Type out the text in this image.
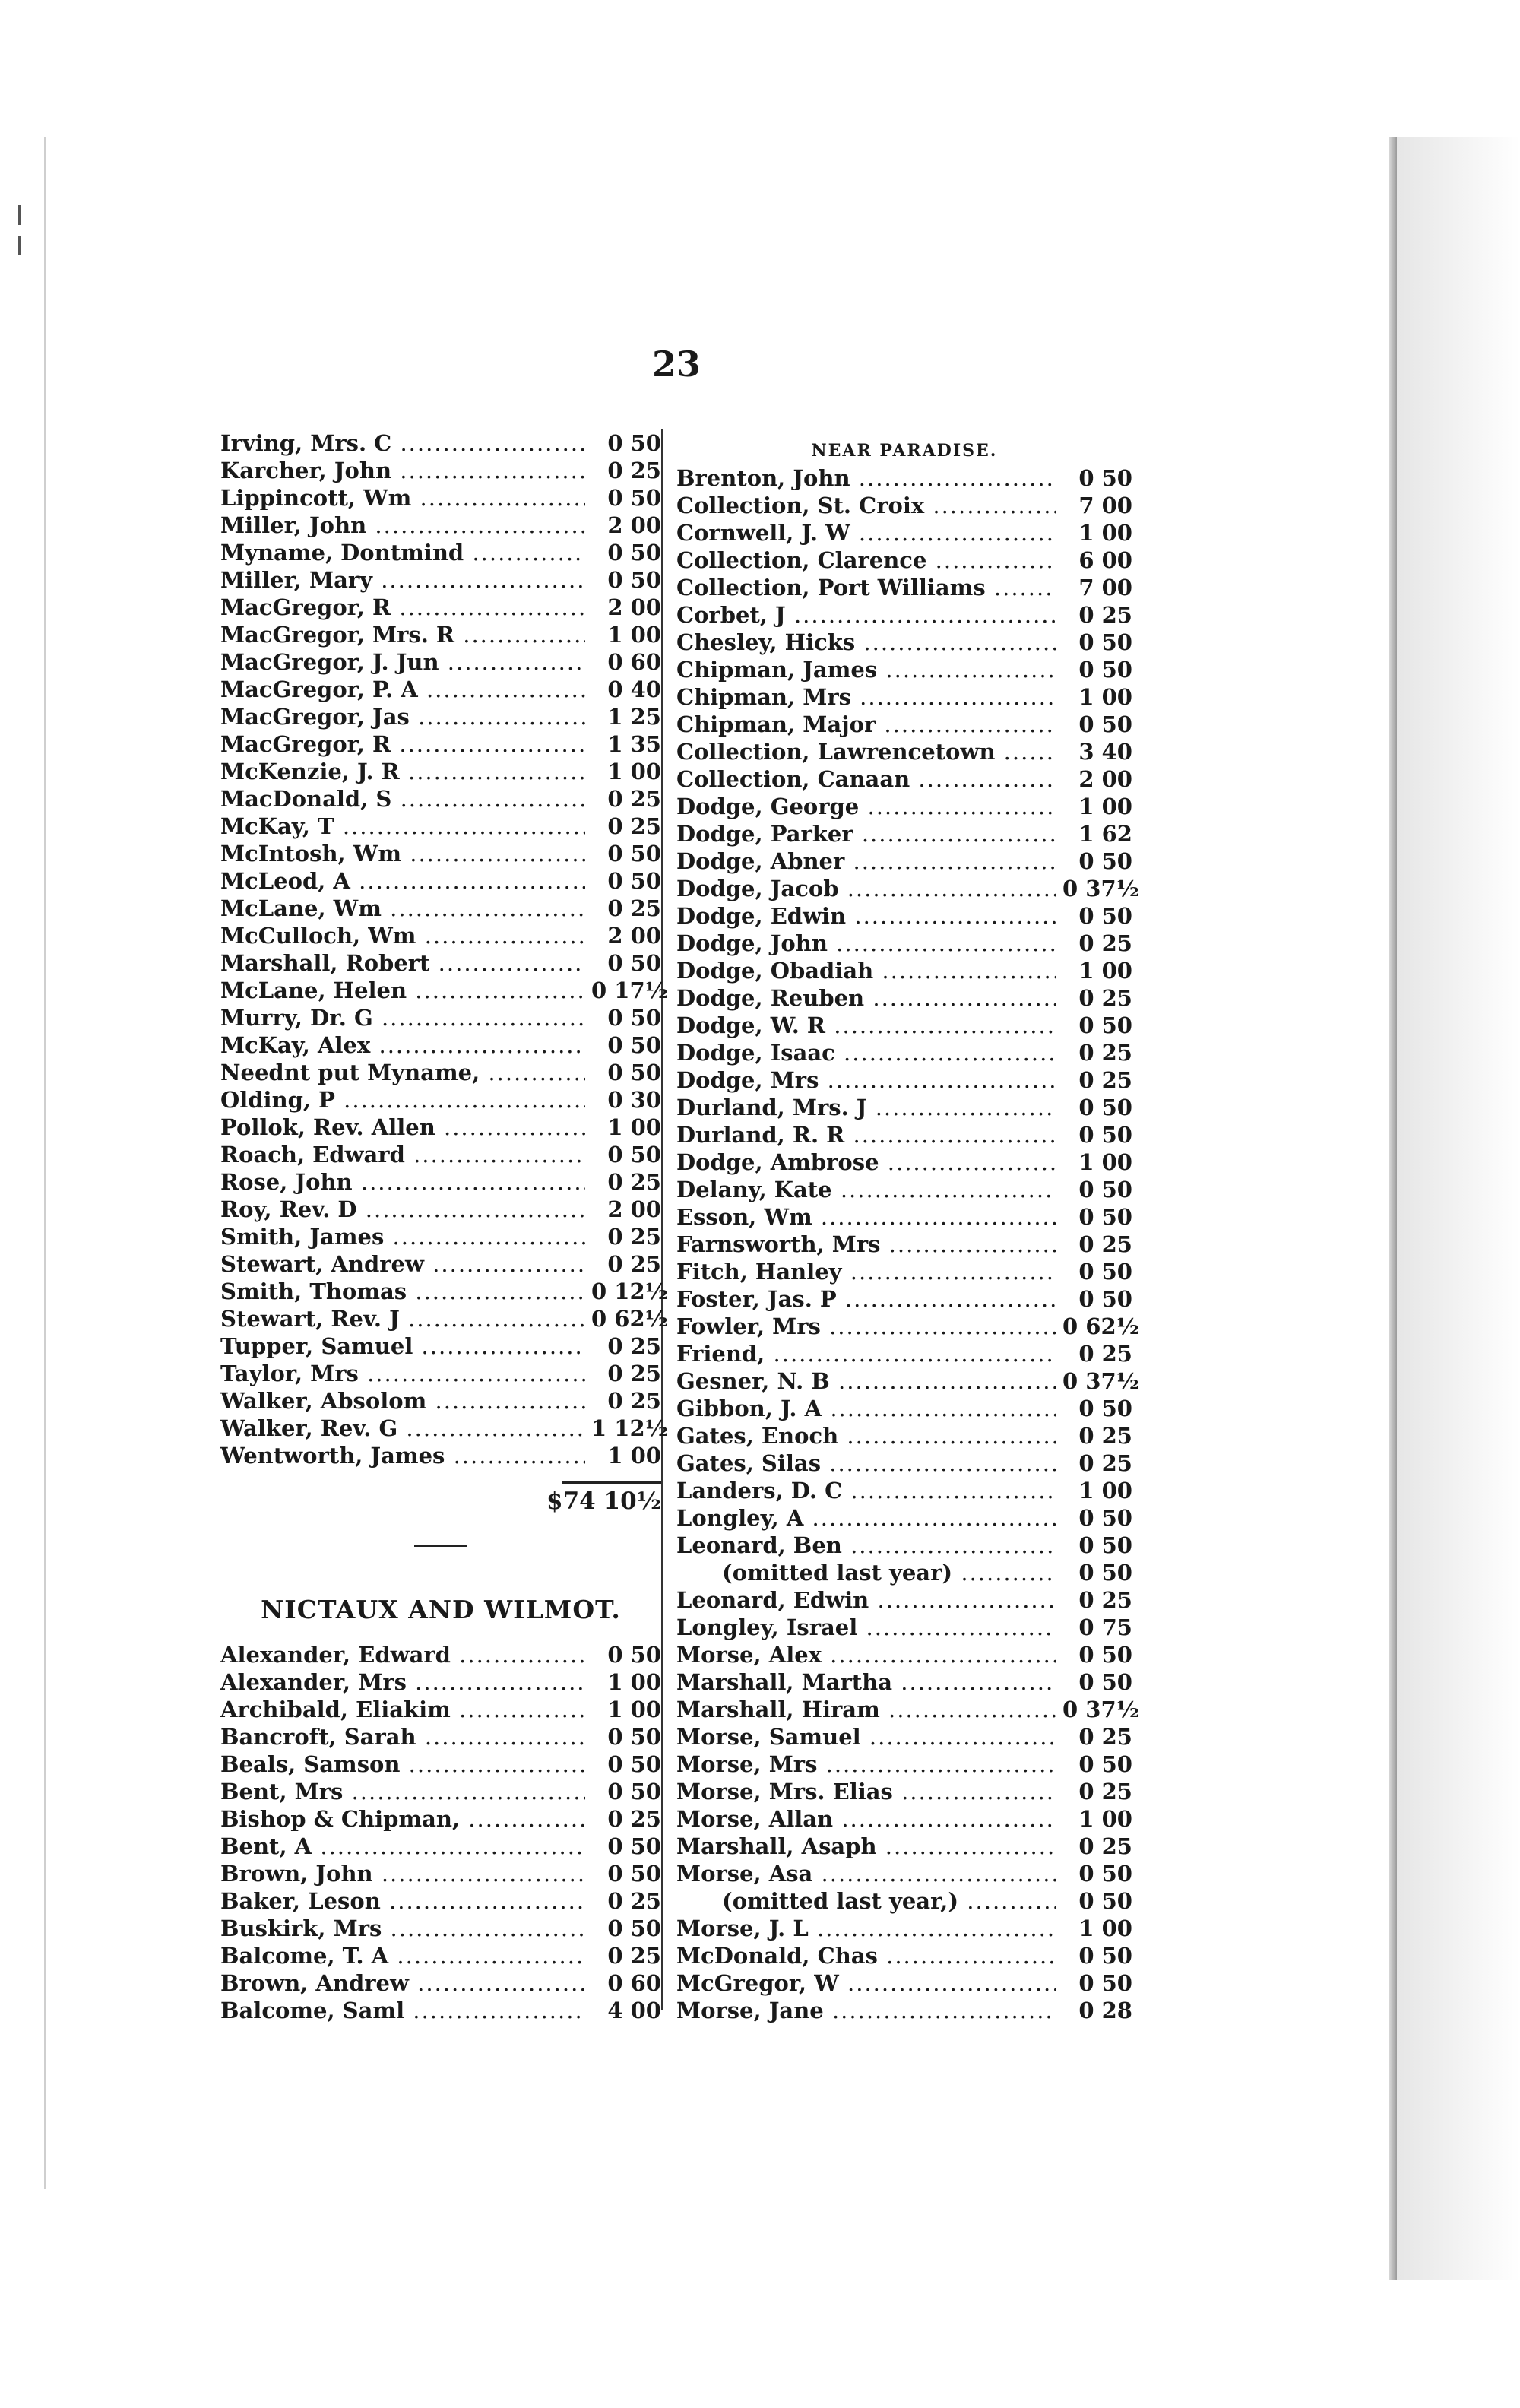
23
Irving, Mrs. C .....	0 50
Karcher, John .....	0 25
Lippincott, Wm .....	0 50
Miller, John .....	2 00
Myname, Dontmind .....	0 50
Miller, Mary .....	0 50
MacGregor, R .....	2 00
MacGregor, Mrs. R .....	1 00
MacGregor, J. Jun .....	0 60
MacGregor, P. A .....	0 40
MacGregor, Jas .....	1 25
MacGregor, R .....	1 35
McKenzie, J. R .....	1 00
MacDonald, S .....	0 25
McKay, T .....	0 25
McIntosh, Wm .....	0 50
McLeod, A .....	0 50
McLane, Wm .....	0 25
McCulloch, Wm .....	2 00
Marshall, Robert .....	0 50
McLane, Helen .....	0 17½
Murry, Dr. G .....	0 50
McKay, Alex .....	0 50
Neednt put Myname, .....	0 50
Olding, P .....	0 30
Pollok, Rev. Allen .....	1 00
Roach, Edward .....	0 50
Rose, John .....	0 25
Roy, Rev. D .....	2 00
Smith, James .....	0 25
Stewart, Andrew .....	0 25
Smith, Thomas .....	0 12½
Stewart, Rev. J .....	0 62½
Tupper, Samuel .....	0 25
Taylor, Mrs .....	0 25
Walker, Absolom .....	0 25
Walker, Rev. G .....	1 12½
Wentworth, James .....	1 00
$74 10½
NICTAUX AND WILMOT.
Alexander, Edward .....	0 50
Alexander, Mrs .....	1 00
Archibald, Eliakim .....	1 00
Bancroft, Sarah .....	0 50
Beals, Samson .....	0 50
Bent, Mrs .....	0 50
Bishop & Chipman, .....	0 25
Bent, A .....	0 50
Brown, John .....	0 50
Baker, Leson .....	0 25
Buskirk, Mrs .....	0 50
Balcome, T. A .....	0 25
Brown, Andrew .....	0 60
Balcome, Saml .....	4 00
NEAR PARADISE.
Brenton, John .....	0 50
Collection, St. Croix .....	7 00
Cornwell, J. W .....	1 00
Collection, Clarence .....	6 00
Collection, Port Williams .....	7 00
Corbet, J .....	0 25
Chesley, Hicks .....	0 50
Chipman, James .....	0 50
Chipman, Mrs .....	1 00
Chipman, Major .....	0 50
Collection, Lawrencetown .....	3 40
Collection, Canaan .....	2 00
Dodge, George .....	1 00
Dodge, Parker .....	1 62
Dodge, Abner .....	0 50
Dodge, Jacob .....	0 37½
Dodge, Edwin .....	0 50
Dodge, John .....	0 25
Dodge, Obadiah .....	1 00
Dodge, Reuben .....	0 25
Dodge, W. R .....	0 50
Dodge, Isaac .....	0 25
Dodge, Mrs .....	0 25
Durland, Mrs. J .....	0 50
Durland, R. R .....	0 50
Dodge, Ambrose .....	1 00
Delany, Kate .....	0 50
Esson, Wm .....	0 50
Farnsworth, Mrs .....	0 25
Fitch, Hanley .....	0 50
Foster, Jas. P .....	0 50
Fowler, Mrs .....	0 62½
Friend, .....	0 25
Gesner, N. B .....	0 37½
Gibbon, J. A .....	0 50
Gates, Enoch .....	0 25
Gates, Silas .....	0 25
Landers, D. C .....	1 00
Longley, A .....	0 50
Leonard, Ben .....	0 50
(omitted last year) .....	0 50
Leonard, Edwin .....	0 25
Longley, Israel .....	0 75
Morse, Alex .....	0 50
Marshall, Martha .....	0 50
Marshall, Hiram .....	0 37½
Morse, Samuel .....	0 25
Morse, Mrs .....	0 50
Morse, Mrs. Elias .....	0 25
Morse, Allan .....	1 00
Marshall, Asaph .....	0 25
Morse, Asa .....	0 50
(omitted last year,) .....	0 50
Morse, J. L .....	1 00
McDonald, Chas .....	0 50
McGregor, W .....	0 50
Morse, Jane .....	0 28
